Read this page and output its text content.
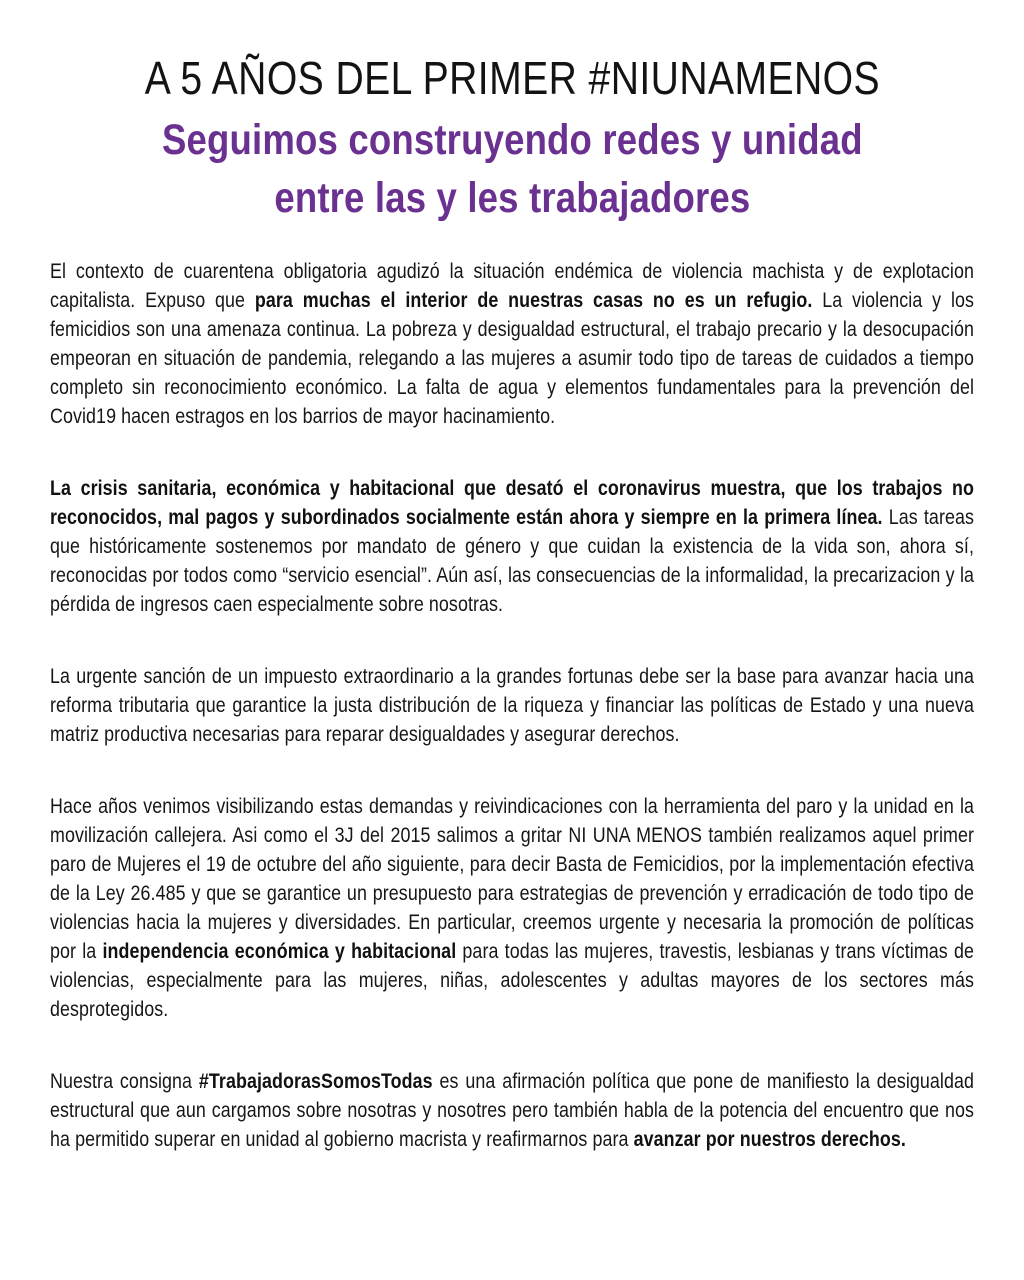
A 5 AÑOS DEL PRIMER #NIUNAMENOS
Seguimos construyendo redes y unidad
entre las y les trabajadores

El contexto de cuarentena obligatoria agudizó la situación endémica de violencia machista y de explotacion capitalista. Expuso que para muchas el interior de nuestras casas no es un refugio. La violencia y los femicidios son una amenaza continua. La pobreza y desigualdad estructural, el trabajo precario y la desocupación empeoran en situación de pandemia, relegando a las mujeres a asumir todo tipo de tareas de cuidados a tiempo completo sin reconocimiento económico. La falta de agua y elementos fundamentales para la prevención del Covid19 hacen estragos en los barrios de mayor hacinamiento.

La crisis sanitaria, económica y habitacional que desató el coronavirus muestra, que los trabajos no reconocidos, mal pagos y subordinados socialmente están ahora y siempre en la primera línea. Las tareas que históricamente sostenemos por mandato de género y que cuidan la existencia de la vida son, ahora sí, reconocidas por todos como “servicio esencial”. Aún así, las consecuencias de la informalidad, la precarizacion y la pérdida de ingresos caen especialmente sobre nosotras.

La urgente sanción de un impuesto extraordinario a la grandes fortunas debe ser la base para avanzar hacia una reforma tributaria que garantice la justa distribución de la riqueza y financiar las políticas de Estado y una nueva matriz productiva necesarias para reparar desigualdades y asegurar derechos.

Hace años venimos visibilizando estas demandas y reivindicaciones con la herramienta del paro y la unidad en la movilización callejera. Asi como el 3J del 2015 salimos a gritar NI UNA MENOS también realizamos aquel primer paro de Mujeres el 19 de octubre del año siguiente, para decir Basta de Femicidios, por la implementación efectiva de la Ley 26.485 y que se garantice un presupuesto para estrategias de prevención y erradicación de todo tipo de violencias hacia la mujeres y diversidades. En particular, creemos urgente y necesaria la promoción de políticas por la independencia económica y habitacional para todas las mujeres, travestis, lesbianas y trans víctimas de violencias, especialmente para las mujeres, niñas, adolescentes y adultas mayores de los sectores más desprotegidos.

Nuestra consigna #TrabajadorasSomosTodas es una afirmación política que pone de manifiesto la desigualdad estructural que aun cargamos sobre nosotras y nosotres pero también habla de la potencia del encuentro que nos ha permitido superar en unidad al gobierno macrista y reafirmarnos para avanzar por nuestros derechos.
